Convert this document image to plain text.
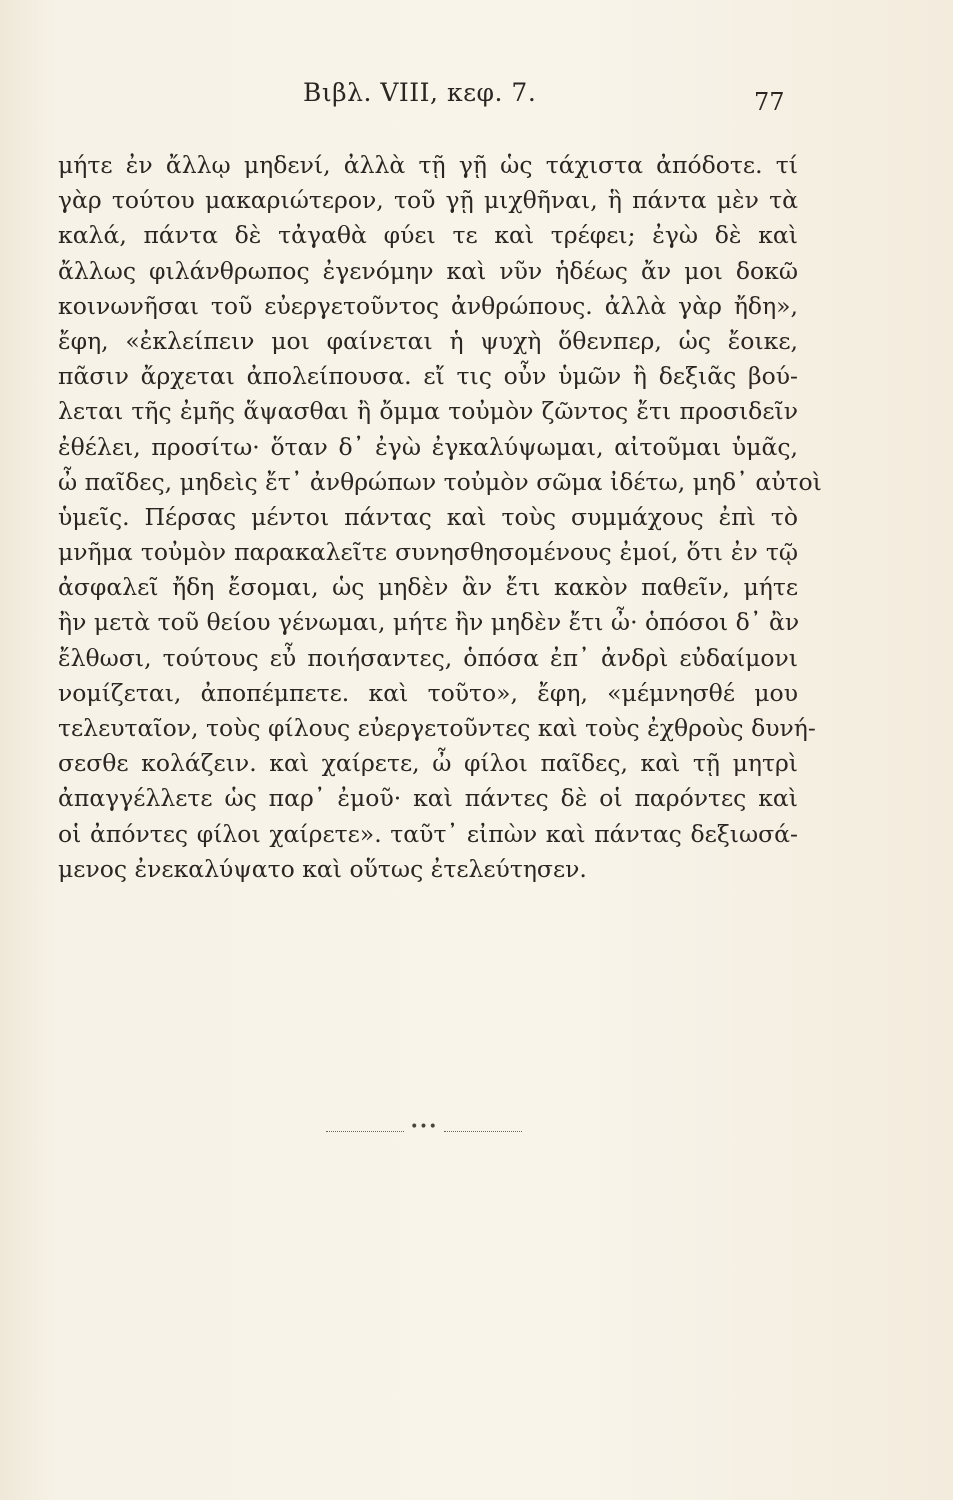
Βιβλ. VIII, κεφ. 7.	77
μήτε ἐν ἄλλῳ μηδενί, ἀλλὰ τῇ γῇ ὡς τάχιστα ἀπόδοτε. τί
γὰρ τούτου μακαριώτερον, τοῦ γῇ μιχθῆναι, ἣ πάντα μὲν τὰ
καλά, πάντα δὲ τἀγαθὰ φύει τε καὶ τρέφει; ἐγὼ δὲ καὶ
ἄλλως φιλάνθρωπος ἐγενόμην καὶ νῦν ἡδέως ἄν μοι δοκῶ
κοινωνῆσαι τοῦ εὐεργετοῦντος ἀνθρώπους. ἀλλὰ γὰρ ἤδη»,
ἔφη, «ἐκλείπειν μοι φαίνεται ἡ ψυχὴ ὅθενπερ, ὡς ἔοικε,
πᾶσιν ἄρχεται ἀπολείπουσα. εἴ τις οὖν ὑμῶν ἢ δεξιᾶς βού-
λεται τῆς ἐμῆς ἅψασθαι ἢ ὄμμα τοὐμὸν ζῶντος ἔτι προσιδεῖν
ἐθέλει, προσίτω· ὅταν δ᾽ ἐγὼ ἐγκαλύψωμαι, αἰτοῦμαι ὑμᾶς,
ὦ παῖδες, μηδεὶς ἔτ᾽ ἀνθρώπων τοὐμὸν σῶμα ἰδέτω, μηδ᾽ αὐτοὶ
ὑμεῖς. Πέρσας μέντοι πάντας καὶ τοὺς συμμάχους ἐπὶ τὸ
μνῆμα τοὐμὸν παρακαλεῖτε συνησθησομένους ἐμοί, ὅτι ἐν τῷ
ἀσφαλεῖ ἤδη ἔσομαι, ὡς μηδὲν ἂν ἔτι κακὸν παθεῖν, μήτε
ἢν μετὰ τοῦ θείου γένωμαι, μήτε ἢν μηδὲν ἔτι ὦ· ὁπόσοι δ᾽ ἂν
ἔλθωσι, τούτους εὖ ποιήσαντες, ὁπόσα ἐπ᾽ ἀνδρὶ εὐδαίμονι
νομίζεται, ἀποπέμπετε. καὶ τοῦτο», ἔφη, «μέμνησθέ μου
τελευταῖον, τοὺς φίλους εὐεργετοῦντες καὶ τοὺς ἐχθροὺς δυνή-
σεσθε κολάζειν. καὶ χαίρετε, ὦ φίλοι παῖδες, καὶ τῇ μητρὶ
ἀπαγγέλλετε ὡς παρ᾽ ἐμοῦ· καὶ πάντες δὲ οἱ παρόντες καὶ
οἱ ἀπόντες φίλοι χαίρετε». ταῦτ᾽ εἰπὼν καὶ πάντας δεξιωσά-
μενος ἐνεκαλύψατο καὶ οὕτως ἐτελεύτησεν.
•••
